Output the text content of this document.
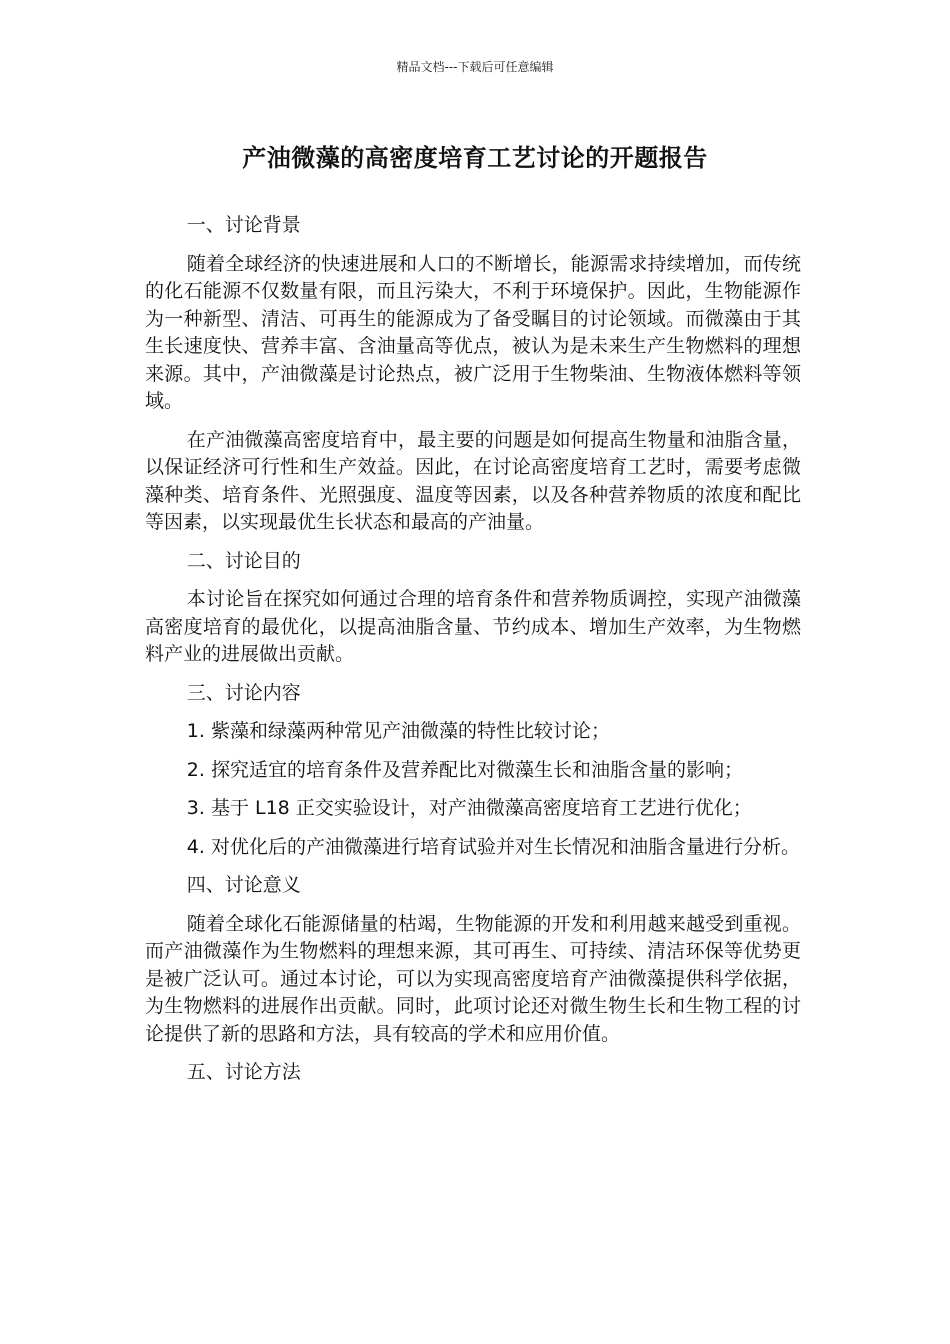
精品文档---下载后可任意编辑
产油微藻的高密度培育工艺讨论的开题报告

一、讨论背景

随着全球经济的快速进展和人口的不断增长，能源需求持续增加，而传统的化石能源不仅数量有限，而且污染大，不利于环境保护。因此，生物能源作为一种新型、清洁、可再生的能源成为了备受瞩目的讨论领域。而微藻由于其生长速度快、营养丰富、含油量高等优点，被认为是未来生产生物燃料的理想来源。其中，产油微藻是讨论热点，被广泛用于生物柴油、生物液体燃料等领域。

在产油微藻高密度培育中，最主要的问题是如何提高生物量和油脂含量，以保证经济可行性和生产效益。因此，在讨论高密度培育工艺时，需要考虑微藻种类、培育条件、光照强度、温度等因素，以及各种营养物质的浓度和配比等因素，以实现最优生长状态和最高的产油量。

二、讨论目的

本讨论旨在探究如何通过合理的培育条件和营养物质调控，实现产油微藻高密度培育的最优化，以提高油脂含量、节约成本、增加生产效率，为生物燃料产业的进展做出贡献。

三、讨论内容

1. 紫藻和绿藻两种常见产油微藻的特性比较讨论；

2. 探究适宜的培育条件及营养配比对微藻生长和油脂含量的影响；

3. 基于 L18 正交实验设计，对产油微藻高密度培育工艺进行优化；

4. 对优化后的产油微藻进行培育试验并对生长情况和油脂含量进行分析。

四、讨论意义

随着全球化石能源储量的枯竭，生物能源的开发和利用越来越受到重视。而产油微藻作为生物燃料的理想来源，其可再生、可持续、清洁环保等优势更是被广泛认可。通过本讨论，可以为实现高密度培育产油微藻提供科学依据，为生物燃料的进展作出贡献。同时，此项讨论还对微生物生长和生物工程的讨论提供了新的思路和方法，具有较高的学术和应用价值。

五、讨论方法
